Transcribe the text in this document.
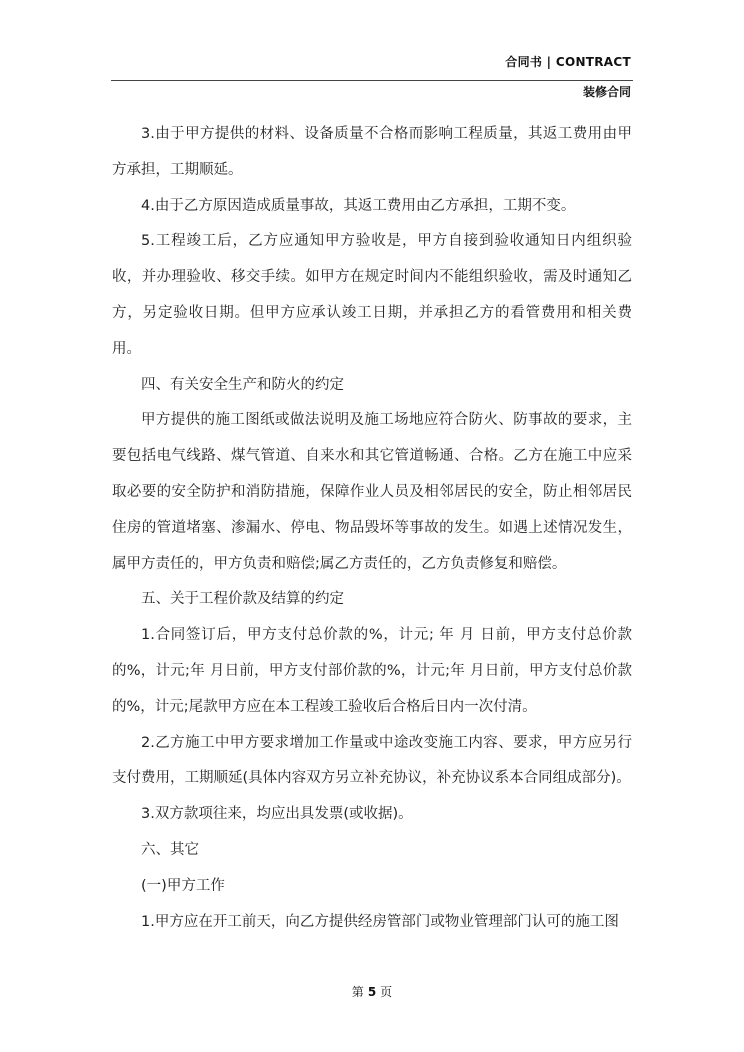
合同书 | CONTRACT
装修合同

3.由于甲方提供的材料、设备质量不合格而影响工程质量，其返工费用由甲方承担，工期顺延。

4.由于乙方原因造成质量事故，其返工费用由乙方承担，工期不变。

5.工程竣工后，乙方应通知甲方验收是，甲方自接到验收通知日内组织验收，并办理验收、移交手续。如甲方在规定时间内不能组织验收，需及时通知乙方，另定验收日期。但甲方应承认竣工日期，并承担乙方的看管费用和相关费用。

四、有关安全生产和防火的约定

甲方提供的施工图纸或做法说明及施工场地应符合防火、防事故的要求，主要包括电气线路、煤气管道、自来水和其它管道畅通、合格。乙方在施工中应采取必要的安全防护和消防措施，保障作业人员及相邻居民的安全，防止相邻居民住房的管道堵塞、渗漏水、停电、物品毁坏等事故的发生。如遇上述情况发生，属甲方责任的，甲方负责和赔偿;属乙方责任的，乙方负责修复和赔偿。

五、关于工程价款及结算的约定

1.合同签订后，甲方支付总价款的%，计元; 年 月 日前，甲方支付总价款的%，计元;年 月日前，甲方支付部价款的%，计元;年 月日前，甲方支付总价款的%，计元;尾款甲方应在本工程竣工验收后合格后日内一次付清。

2.乙方施工中甲方要求增加工作量或中途改变施工内容、要求，甲方应另行支付费用，工期顺延(具体内容双方另立补充协议，补充协议系本合同组成部分)。

3.双方款项往来，均应出具发票(或收据)。

六、其它

(一)甲方工作

1.甲方应在开工前天，向乙方提供经房管部门或物业管理部门认可的施工图

第 5 页
